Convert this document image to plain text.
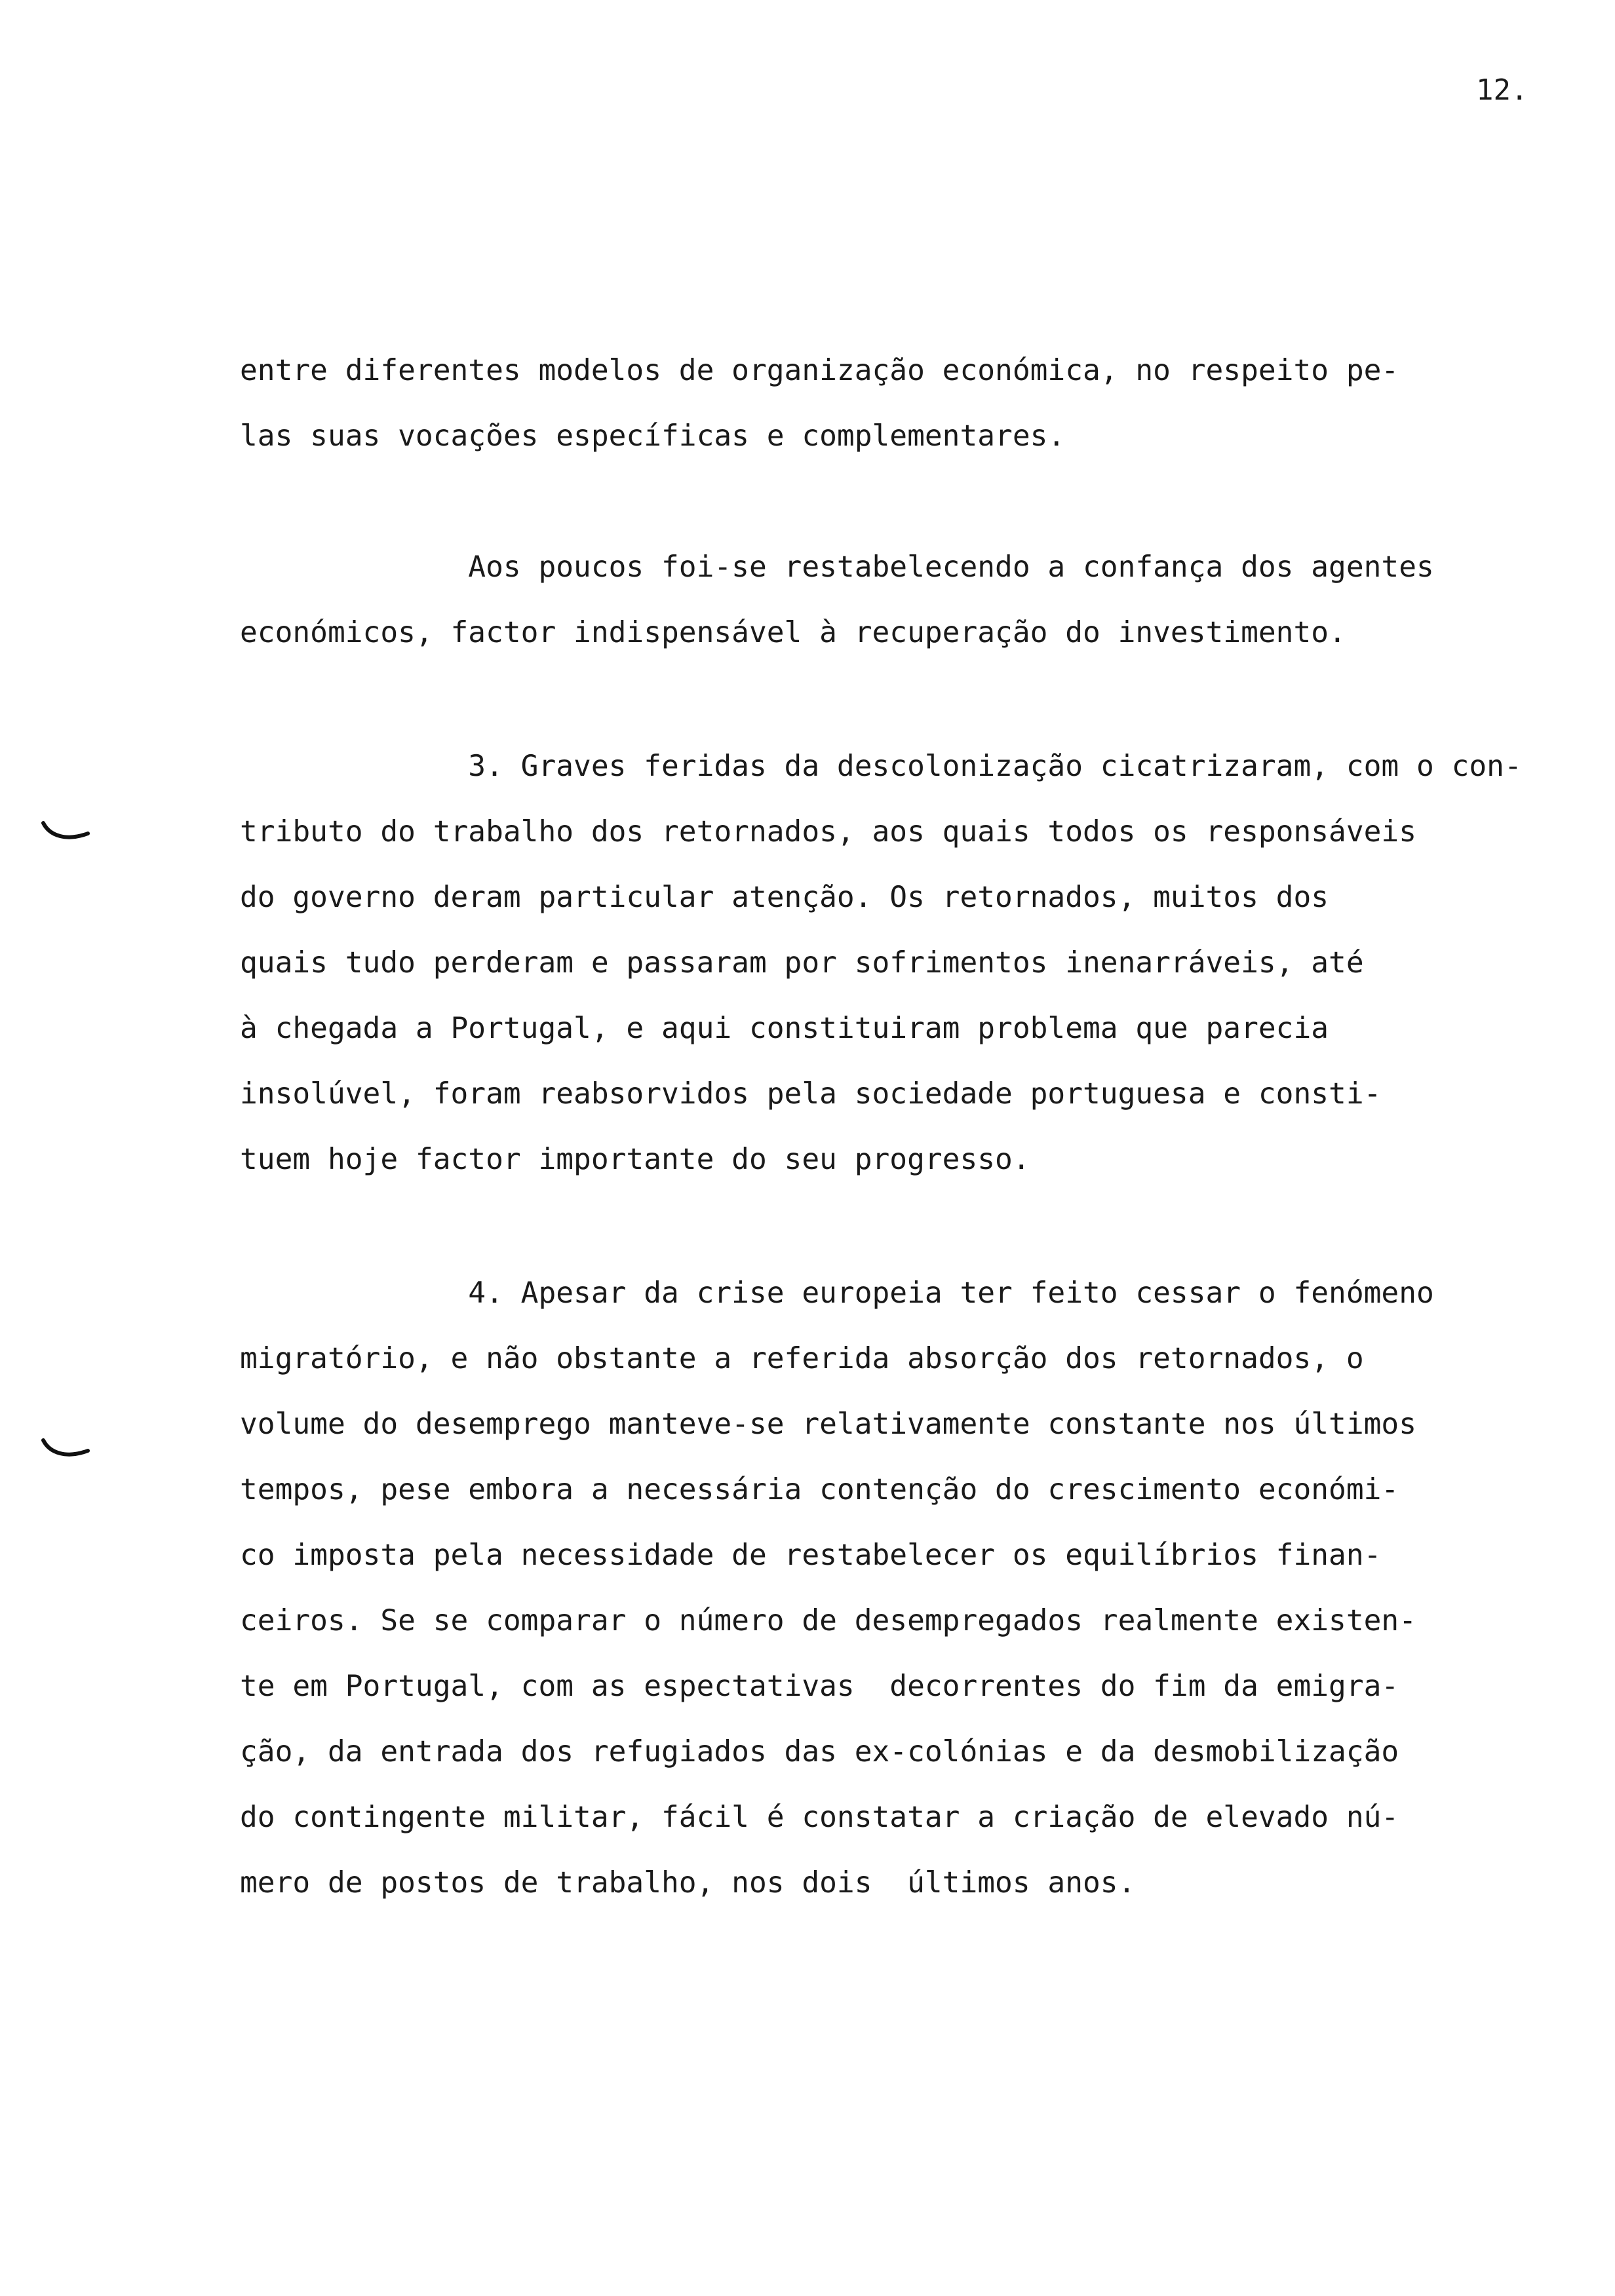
12.
entre diferentes modelos de organização económica, no respeito pe-
las suas vocações específicas e complementares.
Aos poucos foi-se restabelecendo a confança dos agentes
económicos, factor indispensável à recuperação do investimento.
3. Graves feridas da descolonização cicatrizaram, com o con-
tributo do trabalho dos retornados, aos quais todos os responsáveis
do governo deram particular atenção. Os retornados, muitos dos
quais tudo perderam e passaram por sofrimentos inenarráveis, até
à chegada a Portugal, e aqui constituiram problema que parecia
insolúvel, foram reabsorvidos pela sociedade portuguesa e consti-
tuem hoje factor importante do seu progresso.
4. Apesar da crise europeia ter feito cessar o fenómeno
migratório, e não obstante a referida absorção dos retornados, o
volume do desemprego manteve-se relativamente constante nos últimos
tempos, pese embora a necessária contenção do crescimento económi-
co imposta pela necessidade de restabelecer os equilíbrios finan-
ceiros. Se se comparar o número de desempregados realmente existen-
te em Portugal, com as espectativas  decorrentes do fim da emigra-
ção, da entrada dos refugiados das ex-colónias e da desmobilização
do contingente militar, fácil é constatar a criação de elevado nú-
mero de postos de trabalho, nos dois  últimos anos.
